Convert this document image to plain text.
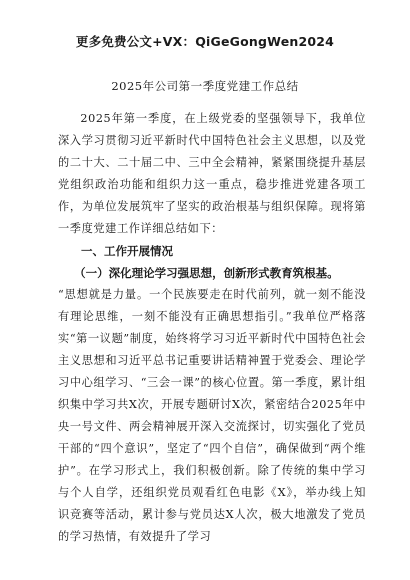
更多免费公文+VX：QiGeGongWen2024
2025年公司第一季度党建工作总结

2025年第一季度，在上级党委的坚强领导下，我单位深入学习贯彻习近平新时代中国特色社会主义思想，以及党的二十大、二十届二中、三中全会精神，紧紧围绕提升基层党组织政治功能和组织力这一重点，稳步推进党建各项工作，为单位发展筑牢了坚实的政治根基与组织保障。现将第一季度党建工作详细总结如下：

一、工作开展情况

（一）深化理论学习强思想，创新形式教育筑根基。

“思想就是力量。一个民族要走在时代前列，就一刻不能没有理论思维，一刻不能没有正确思想指引。”我单位严格落实“第一议题”制度，始终将学习习近平新时代中国特色社会主义思想和习近平总书记重要讲话精神置于党委会、理论学习中心组学习、“三会一课”的核心位置。第一季度，累计组织集中学习共X次，开展专题研讨X次，紧密结合2025年中央一号文件、两会精神展开深入交流探讨，切实强化了党员干部的“四个意识”，坚定了“四个自信”，确保做到“两个维护”。在学习形式上，我们积极创新。除了传统的集中学习与个人自学，还组织党员观看红色电影《X》，举办线上知识竞赛等活动，累计参与党员达X人次，极大地激发了党员的学习热情，有效提升了学习
